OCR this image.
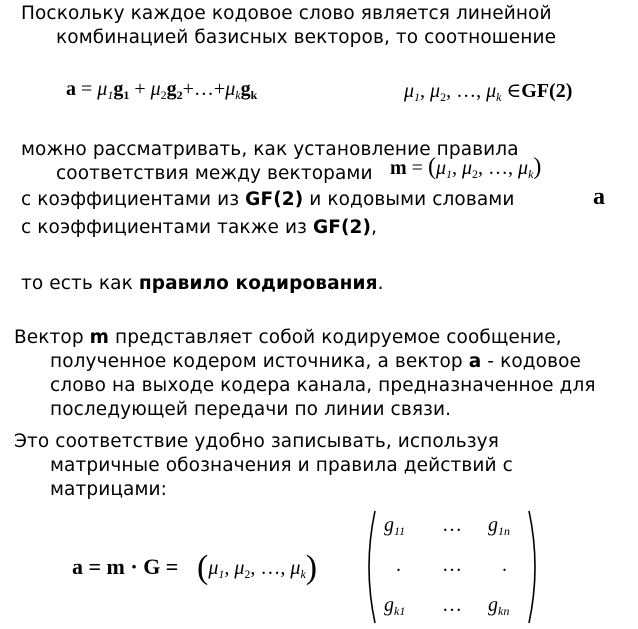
Поскольку каждое кодовое слово является линейной
комбинацией базисных векторов, то соотношение
$a = \mu_1g_1$ + $\mu_2g_2+\dots+\mu_kg_k$	$\mu_1$, $\mu_2$, …, $\mu_k$ ∈GF(2)
можно рассматривать, как установление правила
соответствия между векторами $m = (\mu_1$, $\mu_2$, …, $\mu_k$)
с коэффициентами из GF(2) и кодовыми словами	a
с коэффициентами также из GF(2),
то есть как правило кодирования.
Вектор m представляет собой кодируемое сообщение,
полученное кодером источника, а вектор a - кодовое
слово на выходе кодера канала, предназначенное для
последующей передачи по линии связи.
Это соответствие удобно записывать, используя
матричные обозначения и правила действий с
матрицами:
$a = m \cdot G = (\mu_1$, $\mu_2$, …, $\mu_k$)
$g_{11}$ … $g_{1n}$
. … .
$g_{k1}$ … $g_{kn}$
